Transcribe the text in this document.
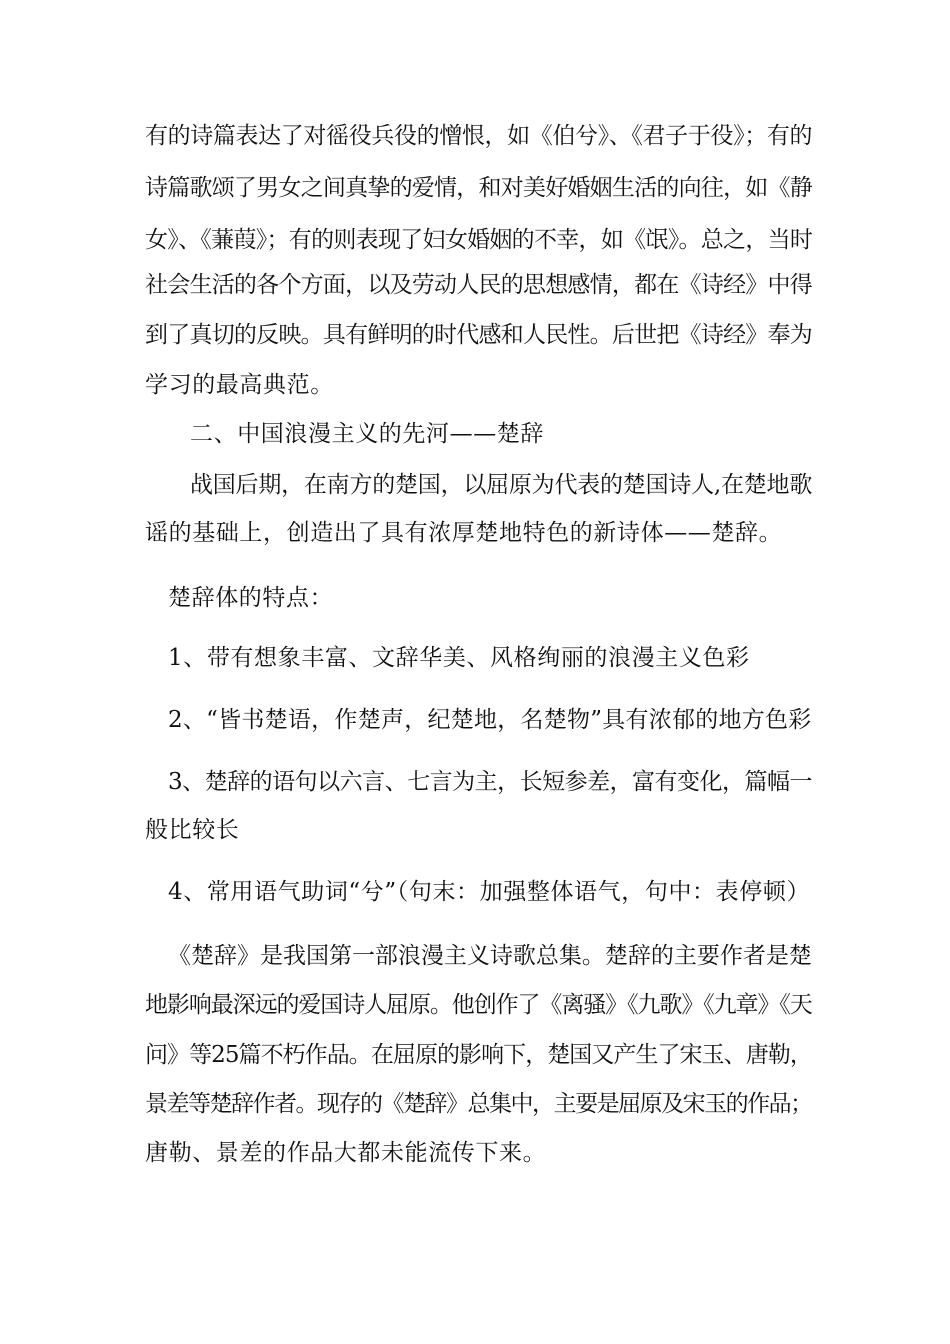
有的诗篇表达了对徭役兵役的憎恨，如《伯兮》、《君子于役》；有的
诗篇歌颂了男女之间真挚的爱情，和对美好婚姻生活的向往，如《静
女》、《蒹葭》；有的则表现了妇女婚姻的不幸，如《氓》。总之，当时
社会生活的各个方面，以及劳动人民的思想感情，都在《诗经》中得
到了真切的反映。具有鲜明的时代感和人民性。后世把《诗经》奉为
学习的最高典范。
二、中国浪漫主义的先河——楚辞
战国后期，在南方的楚国，以屈原为代表的楚国诗人,在楚地歌
谣的基础上，创造出了具有浓厚楚地特色的新诗体——楚辞。
楚辞体的特点：
1、带有想象丰富、文辞华美、风格绚丽的浪漫主义色彩
2、“皆书楚语，作楚声，纪楚地，名楚物”具有浓郁的地方色彩
3、楚辞的语句以六言、七言为主，长短参差，富有变化，篇幅一
般比较长
4、常用语气助词“兮”（句末：加强整体语气，句中：表停顿）
《楚辞》是我国第一部浪漫主义诗歌总集。楚辞的主要作者是楚
地影响最深远的爱国诗人屈原。他创作了《离骚》《九歌》《九章》《天
问》等25篇不朽作品。在屈原的影响下，楚国又产生了宋玉、唐勒，
景差等楚辞作者。现存的《楚辞》总集中，主要是屈原及宋玉的作品；
唐勒、景差的作品大都未能流传下来。
